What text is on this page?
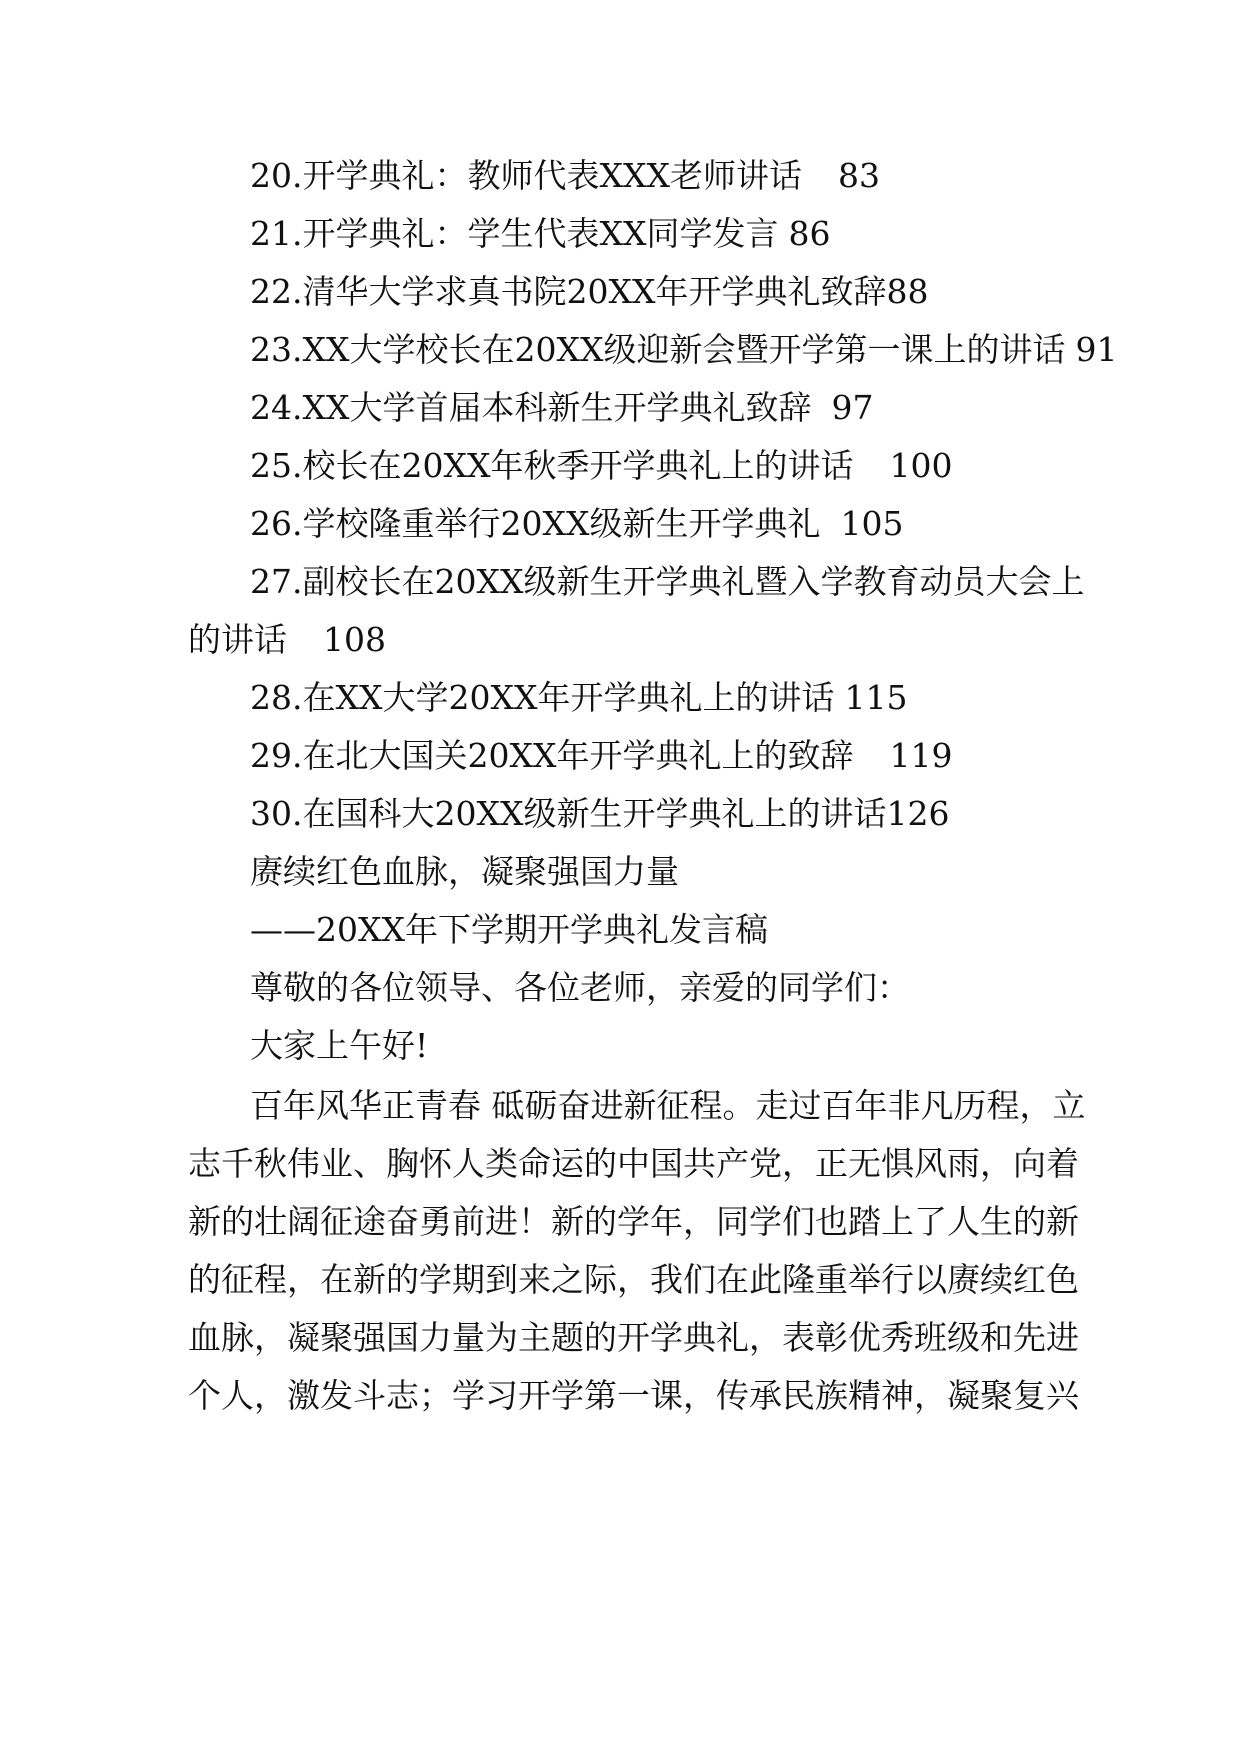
20.开学典礼：教师代表XXX老师讲话 83
21.开学典礼：学生代表XX同学发言 86
22.清华大学求真书院20XX年开学典礼致辞88
23.XX大学校长在20XX级迎新会暨开学第一课上的讲话 91
24.XX大学首届本科新生开学典礼致辞 97
25.校长在20XX年秋季开学典礼上的讲话 100
26.学校隆重举行20XX级新生开学典礼 105
27.副校长在20XX级新生开学典礼暨入学教育动员大会上
的讲话 108
28.在XX大学20XX年开学典礼上的讲话 115
29.在北大国关20XX年开学典礼上的致辞 119
30.在国科大20XX级新生开学典礼上的讲话126
赓续红色血脉，凝聚强国力量
——20XX年下学期开学典礼发言稿
尊敬的各位领导、各位老师，亲爱的同学们：
大家上午好!
百年风华正青春 砥砺奋进新征程。走过百年非凡历程，立
志千秋伟业、胸怀人类命运的中国共产党，正无惧风雨，向着
新的壮阔征途奋勇前进！新的学年，同学们也踏上了人生的新
的征程，在新的学期到来之际，我们在此隆重举行以赓续红色
血脉，凝聚强国力量为主题的开学典礼，表彰优秀班级和先进
个人，激发斗志；学习开学第一课，传承民族精神，凝聚复兴
